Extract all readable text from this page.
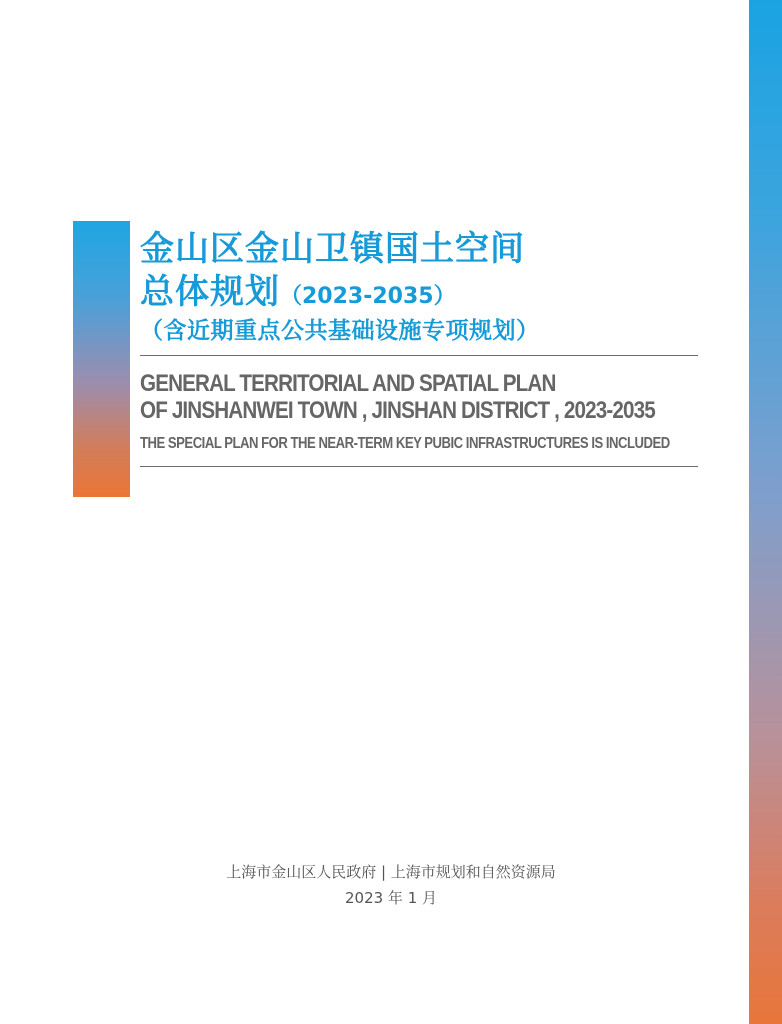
金山区金山卫镇国土空间
总体规划（2023-2035）
（含近期重点公共基础设施专项规划）
GENERAL TERRITORIAL AND SPATIAL PLAN
OF JINSHANWEI TOWN , JINSHAN DISTRICT , 2023-2035
THE SPECIAL PLAN FOR THE NEAR-TERM KEY PUBIC INFRASTRUCTURES IS INCLUDED
上海市金山区人民政府 | 上海市规划和自然资源局
2023 年 1 月
